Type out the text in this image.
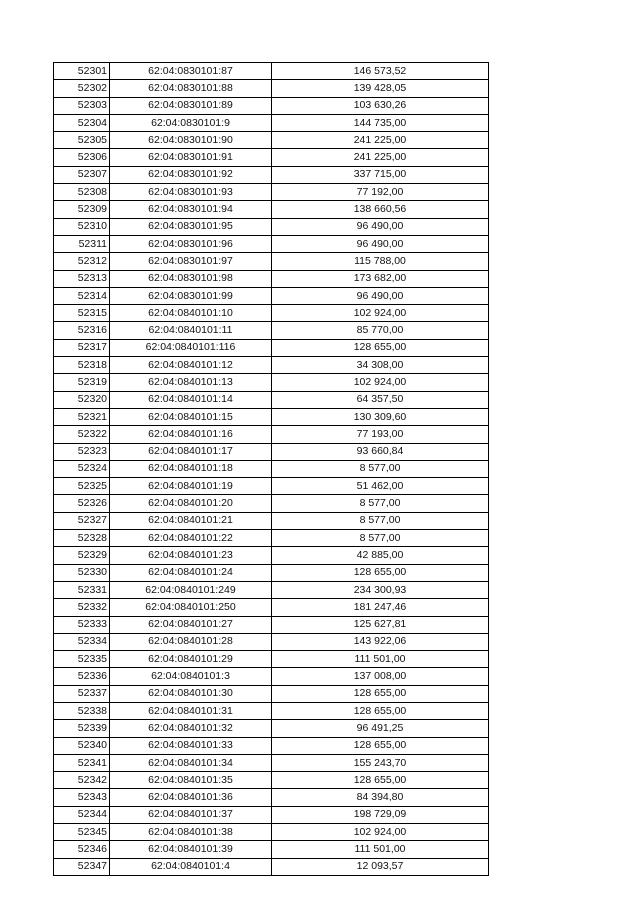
52301	62:04:0830101:87	146 573,52
52302	62:04:0830101:88	139 428,05
52303	62:04:0830101:89	103 630,26
52304	62:04:0830101:9	144 735,00
52305	62:04:0830101:90	241 225,00
52306	62:04:0830101:91	241 225,00
52307	62:04:0830101:92	337 715,00
52308	62:04:0830101:93	77 192,00
52309	62:04:0830101:94	138 660,56
52310	62:04:0830101:95	96 490,00
52311	62:04:0830101:96	96 490,00
52312	62:04:0830101:97	115 788,00
52313	62:04:0830101:98	173 682,00
52314	62:04:0830101:99	96 490,00
52315	62:04:0840101:10	102 924,00
52316	62:04:0840101:11	85 770,00
52317	62:04:0840101:116	128 655,00
52318	62:04:0840101:12	34 308,00
52319	62:04:0840101:13	102 924,00
52320	62:04:0840101:14	64 357,50
52321	62:04:0840101:15	130 309,60
52322	62:04:0840101:16	77 193,00
52323	62:04:0840101:17	93 660,84
52324	62:04:0840101:18	8 577,00
52325	62:04:0840101:19	51 462,00
52326	62:04:0840101:20	8 577,00
52327	62:04:0840101:21	8 577,00
52328	62:04:0840101:22	8 577,00
52329	62:04:0840101:23	42 885,00
52330	62:04:0840101:24	128 655,00
52331	62:04:0840101:249	234 300,93
52332	62:04:0840101:250	181 247,46
52333	62:04:0840101:27	125 627,81
52334	62:04:0840101:28	143 922,06
52335	62:04:0840101:29	111 501,00
52336	62:04:0840101:3	137 008,00
52337	62:04:0840101:30	128 655,00
52338	62:04:0840101:31	128 655,00
52339	62:04:0840101:32	96 491,25
52340	62:04:0840101:33	128 655,00
52341	62:04:0840101:34	155 243,70
52342	62:04:0840101:35	128 655,00
52343	62:04:0840101:36	84 394,80
52344	62:04:0840101:37	198 729,09
52345	62:04:0840101:38	102 924,00
52346	62:04:0840101:39	111 501,00
52347	62:04:0840101:4	12 093,57
